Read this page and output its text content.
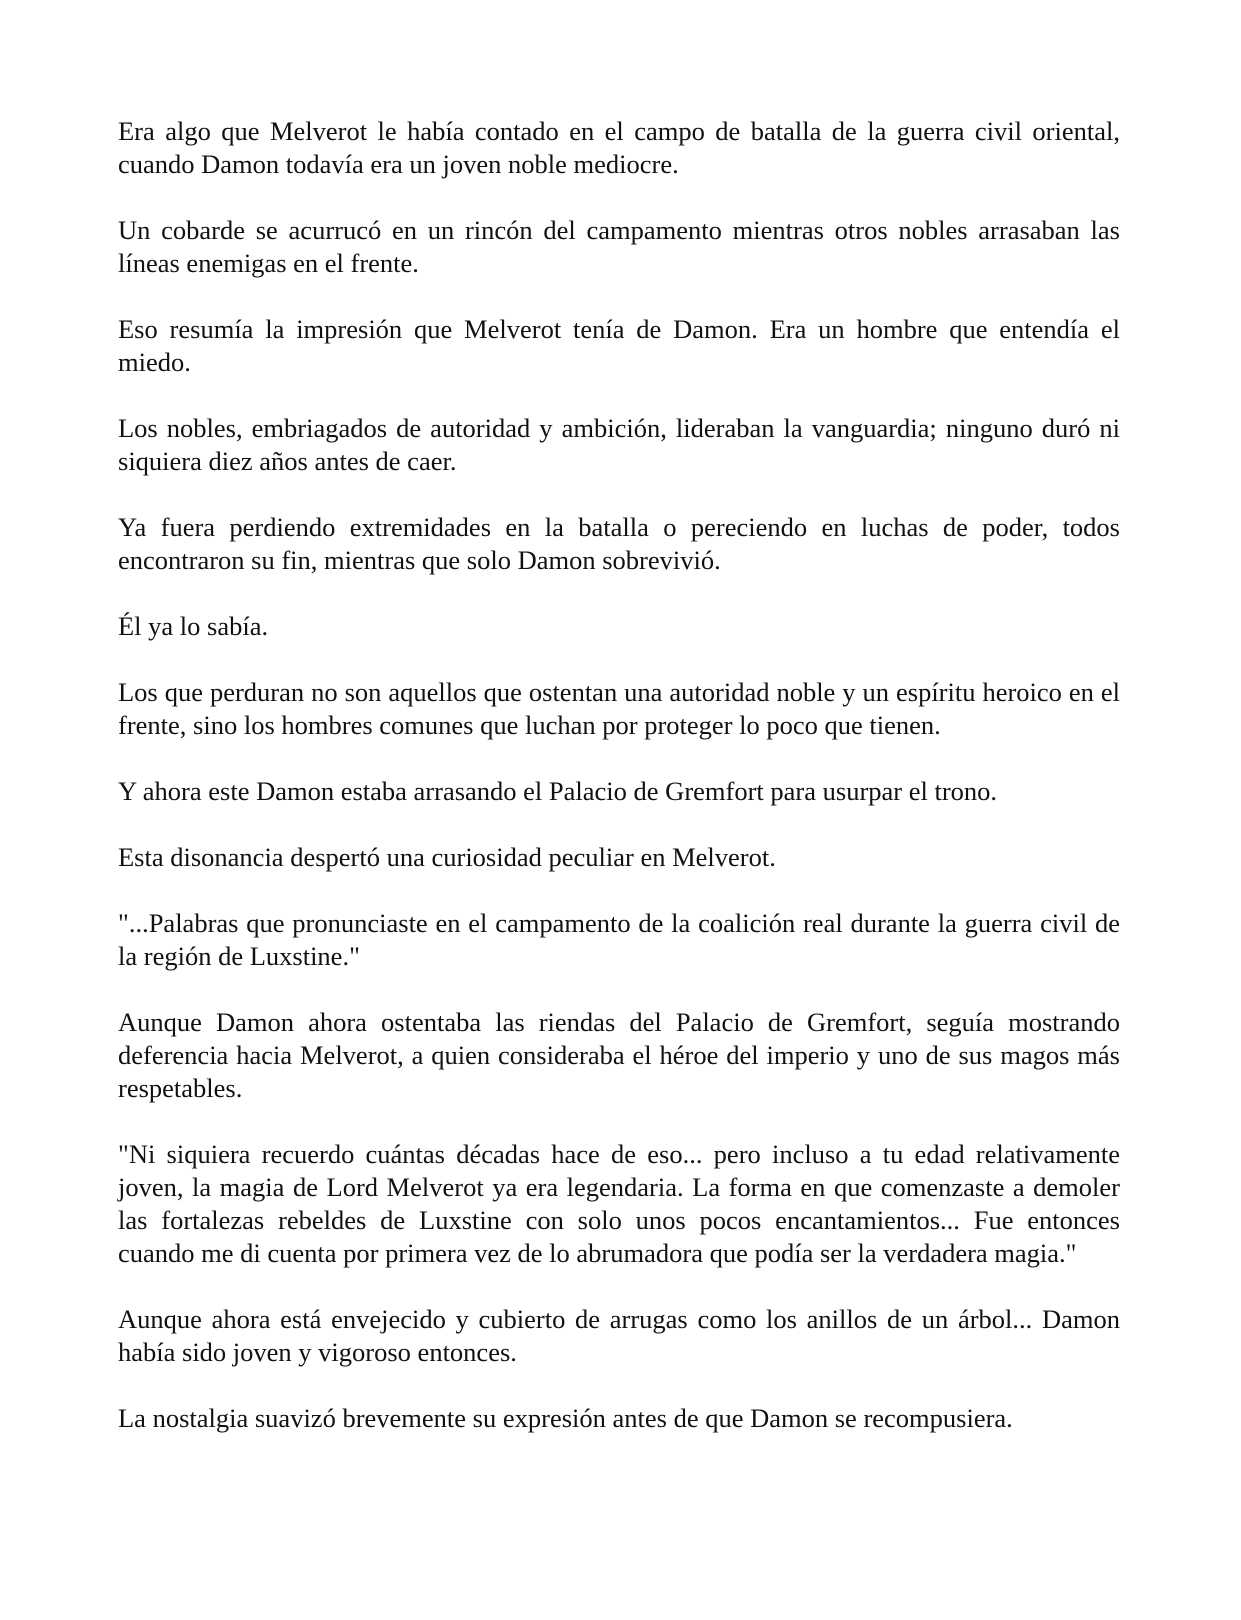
Era algo que Melverot le había contado en el campo de batalla de la guerra civil oriental, cuando Damon todavía era un joven noble mediocre.

Un cobarde se acurrucó en un rincón del campamento mientras otros nobles arrasaban las líneas enemigas en el frente.

Eso resumía la impresión que Melverot tenía de Damon. Era un hombre que entendía el miedo.

Los nobles, embriagados de autoridad y ambición, lideraban la vanguardia; ninguno duró ni siquiera diez años antes de caer.

Ya fuera perdiendo extremidades en la batalla o pereciendo en luchas de poder, todos encontraron su fin, mientras que solo Damon sobrevivió.

Él ya lo sabía.

Los que perduran no son aquellos que ostentan una autoridad noble y un espíritu heroico en el frente, sino los hombres comunes que luchan por proteger lo poco que tienen.

Y ahora este Damon estaba arrasando el Palacio de Gremfort para usurpar el trono.

Esta disonancia despertó una curiosidad peculiar en Melverot.

"...Palabras que pronunciaste en el campamento de la coalición real durante la guerra civil de la región de Luxstine."

Aunque Damon ahora ostentaba las riendas del Palacio de Gremfort, seguía mostrando deferencia hacia Melverot, a quien consideraba el héroe del imperio y uno de sus magos más respetables.

"Ni siquiera recuerdo cuántas décadas hace de eso... pero incluso a tu edad relativamente joven, la magia de Lord Melverot ya era legendaria. La forma en que comenzaste a demoler las fortalezas rebeldes de Luxstine con solo unos pocos encantamientos... Fue entonces cuando me di cuenta por primera vez de lo abrumadora que podía ser la verdadera magia."

Aunque ahora está envejecido y cubierto de arrugas como los anillos de un árbol... Damon había sido joven y vigoroso entonces.

La nostalgia suavizó brevemente su expresión antes de que Damon se recompusiera.
